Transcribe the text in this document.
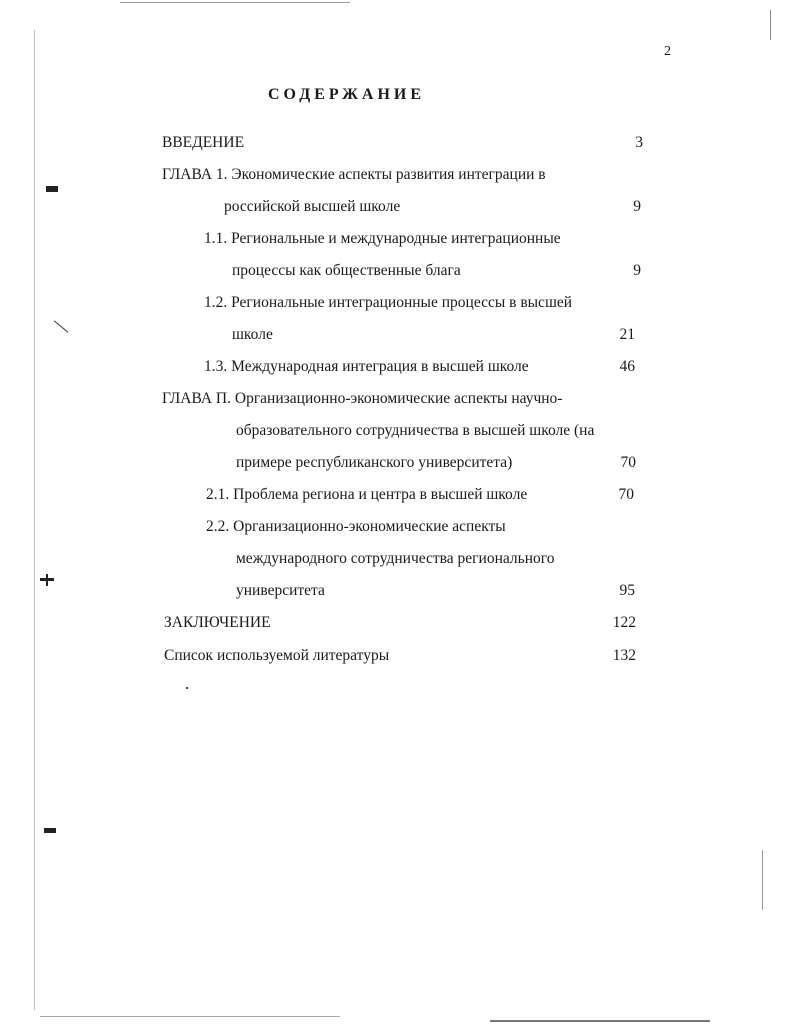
2
СОДЕРЖАНИЕ
ВВЕДЕНИЕ	3
ГЛАВА 1. Экономические аспекты развития интеграции в
российской высшей школе	9
1.1. Региональные и международные интеграционные
процессы как общественные блага	9
1.2. Региональные интеграционные процессы в высшей
школе	21
1.3. Международная интеграция в высшей школе	46
ГЛАВА П. Организационно-экономические аспекты научно-
образовательного сотрудничества в высшей школе (на
примере республиканского университета)	70
2.1. Проблема региона и центра в высшей школе	70
2.2. Организационно-экономические аспекты
международного сотрудничества регионального
университета	95
ЗАКЛЮЧЕНИЕ	122
Список используемой литературы	132
